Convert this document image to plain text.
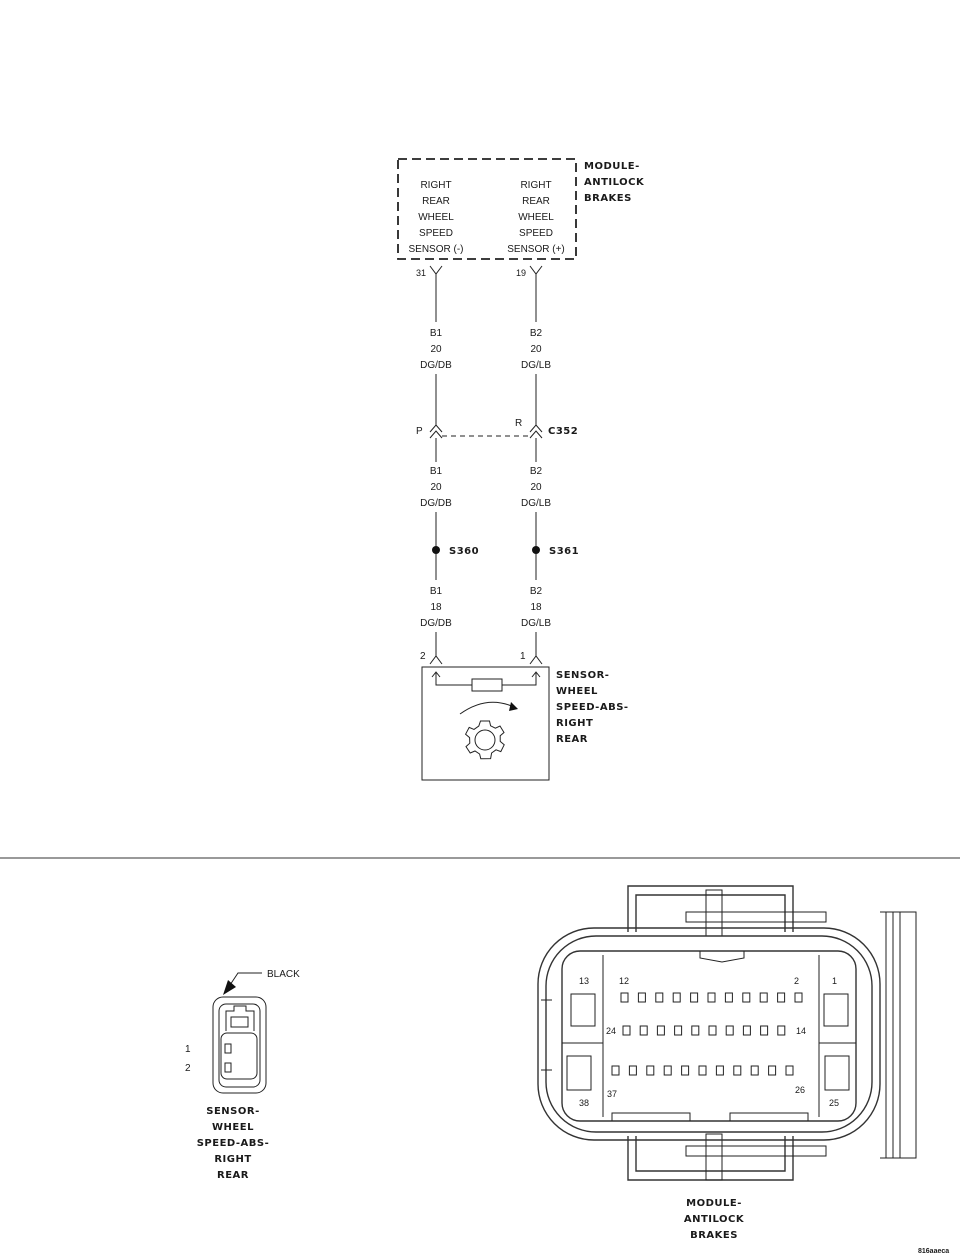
RIGHT
REAR
WHEEL
SPEED
SENSOR (-)
RIGHT
REAR
WHEEL
SPEED
SENSOR (+)
MODULE-
ANTILOCK
BRAKES
31	19
B1
20
DG/DB
B2
20
DG/LB
P
R
C352
B1
20
DG/DB
B2
20
DG/LB
S360	S361
B1
18
DG/DB
B2
18
DG/LB
2	1
SENSOR-
WHEEL
SPEED-ABS-
RIGHT
REAR
BLACK
1
2
SENSOR-
WHEEL
SPEED-ABS-
RIGHT
REAR
13	12	2	1
24	14
38
37	26
25
MODULE-
ANTILOCK
BRAKES
816aaeca
